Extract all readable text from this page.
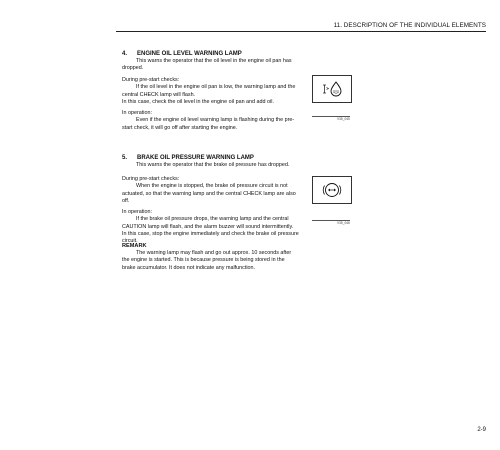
11. DESCRIPTION OF THE INDIVIDUAL ELEMENTS
4. ENGINE OIL LEVEL WARNING LAMP
This warns the operator that the oil level in the engine oil pan has
dropped.
During pre-start checks:
If the oil level in the engine oil pan is low, the warning lamp and the
central CHECK lamp will flash.
In this case, check the oil level in the engine oil pan and add oil.
In operation:
Even if the engine oil level warning lamp is flashing during the pre-
start check, it will go off after starting the engine.
V35_045
5. BRAKE OIL PRESSURE WARNING LAMP
This warns the operator that the brake oil pressure has dropped.
During pre-start checks:
When the engine is stopped, the brake oil pressure circuit is not
actuated, so that the warning lamp and the central CHECK lamp are also
off.
In operation:
If the brake oil pressure drops, the warning lamp and the central
CAUTION lamp will flash, and the alarm buzzer will sound intermittently.
In this case, stop the engine immediately and check the brake oil pressure
circuit.
V35_046
REMARK
The warning lamp may flash and go out approx. 10 seconds after
the engine is started. This is because pressure is being stored in the
brake accumulator. It does not indicate any malfunction.
2-9
